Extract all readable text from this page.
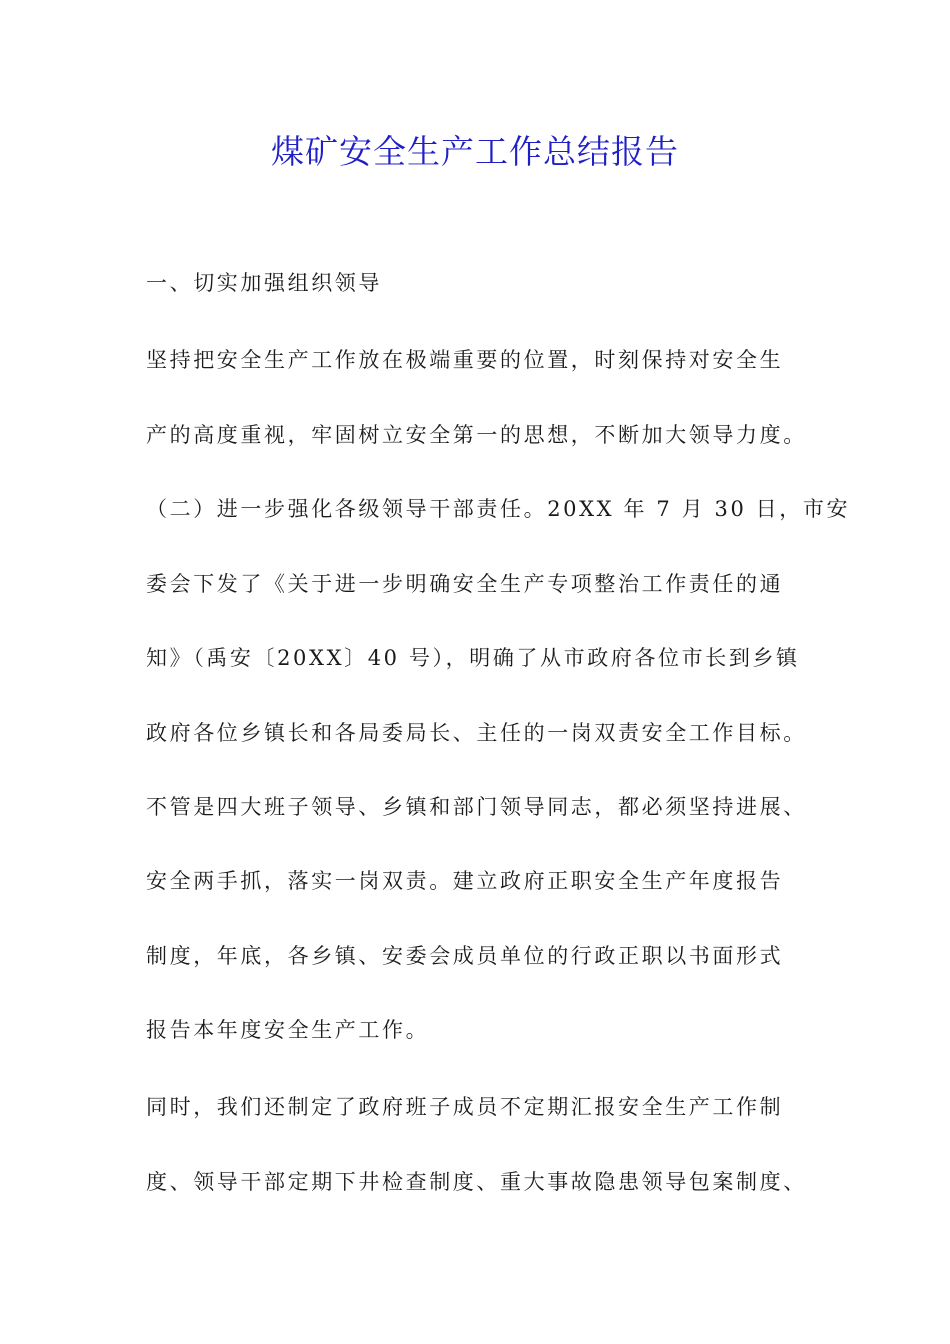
煤矿安全生产工作总结报告
一、切实加强组织领导
坚持把安全生产工作放在极端重要的位置，时刻保持对安全生
产的高度重视，牢固树立安全第一的思想，不断加大领导力度。
（二）进一步强化各级领导干部责任。20XX 年 7 月 30 日，市安
委会下发了《关于进一步明确安全生产专项整治工作责任的通
知》（禹安〔20XX〕40 号），明确了从市政府各位市长到乡镇
政府各位乡镇长和各局委局长、主任的一岗双责安全工作目标。
不管是四大班子领导、乡镇和部门领导同志，都必须坚持进展、
安全两手抓，落实一岗双责。建立政府正职安全生产年度报告
制度，年底，各乡镇、安委会成员单位的行政正职以书面形式
报告本年度安全生产工作。
同时，我们还制定了政府班子成员不定期汇报安全生产工作制
度、领导干部定期下井检查制度、重大事故隐患领导包案制度、
